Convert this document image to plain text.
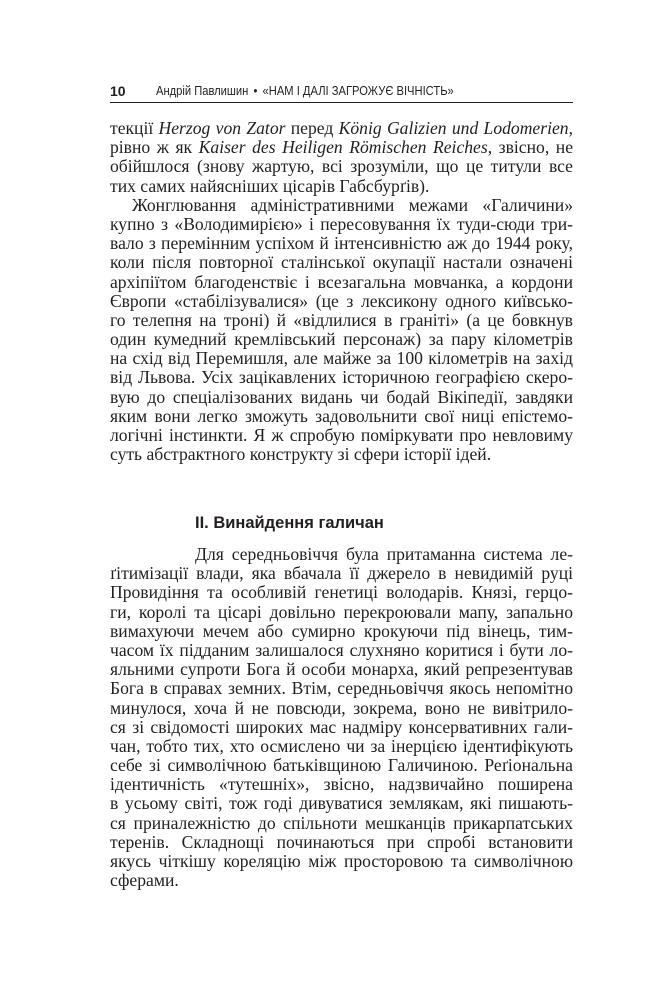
10 Андрій Павлишин • «НАМ І ДАЛІ ЗАГРОЖУЄ ВІЧНІСТЬ»
текції Herzog von Zator перед König Galizien und Lodomerien,
рівно ж як Kaiser des Heiligen Römischen Reiches, звісно, не
обійшлося (знову жартую, всі зрозуміли, що це титули все
тих самих найясніших цісарів Габсбурґів).
Жонглювання адміністративними межами «Галичини»
купно з «Володимирією» і пересовування їх туди-сюди три-
вало з перемінним успіхом й інтенсивністю аж до 1944 року,
коли після повторної сталінської окупації настали означені
архіпіїтом благоденствіє і всезагальна мовчанка, а кордони
Європи «стабілізувалися» (це з лексикону одного київсько-
го телепня на троні) й «відлилися в граніті» (а це бовкнув
один кумедний кремлівський персонаж) за пару кілометрів
на схід від Перемишля, але майже за 100 кілометрів на захід
від Львова. Усіх зацікавлених історичною географією скеро-
вую до спеціалізованих видань чи бодай Вікіпедії, завдяки
яким вони легко зможуть задовольнити свої ниці епістемо-
логічні інстинкти. Я ж спробую поміркувати про невловиму
суть абстрактного конструкту зі сфери історії ідей.
II. Винайдення галичан
Для середньовіччя була притаманна система ле-
ґітимізації влади, яка вбачала її джерело в невидимій руці
Провидіння та особливій генетиці володарів. Князі, герцо-
ги, королі та цісарі довільно перекроювали мапу, запально
вимахуючи мечем або сумирно крокуючи під вінець, тим-
часом їх підданим залишалося слухняно коритися і бути ло-
яльними супроти Бога й особи монарха, який репрезентував
Бога в справах земних. Втім, середньовіччя якось непомітно
минулося, хоча й не повсюди, зокрема, воно не вивітрило-
ся зі свідомості широких мас надміру консервативних гали-
чан, тобто тих, хто осмислено чи за інерцією ідентифікують
себе зі символічною батьківщиною Галичиною. Реґіональна
ідентичність «тутешніх», звісно, надзвичайно поширена
в усьому світі, тож годі дивуватися землякам, які пишають-
ся приналежністю до спільноти мешканців прикарпатських
теренів. Складнощі починаються при спробі встановити
якусь чіткішу кореляцію між просторовою та символічною
сферами.
